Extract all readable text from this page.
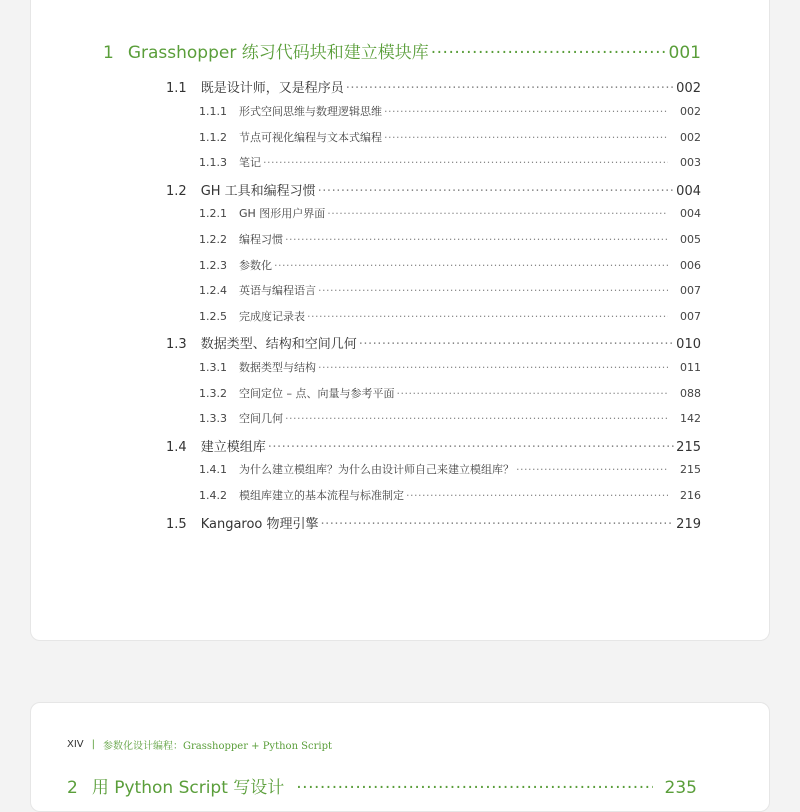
1 Grasshopper 练习代码块和建立模块库 ·····	001
1.1 既是设计师，又是程序员 ·····	002
1.1.1 形式空间思维与数理逻辑思维 ·····	002
1.1.2 节点可视化编程与文本式编程 ·····	002
1.1.3 笔记 ·····	003
1.2 GH 工具和编程习惯 ·····	004
1.2.1 GH 图形用户界面 ·····	004
1.2.2 编程习惯 ·····	005
1.2.3 参数化 ·····	006
1.2.4 英语与编程语言 ·····	007
1.2.5 完成度记录表 ·····	007
1.3 数据类型、结构和空间几何 ·····	010
1.3.1 数据类型与结构 ·····	011
1.3.2 空间定位 – 点、向量与参考平面 ·····	088
1.3.3 空间几何 ·····	142
1.4 建立模组库 ·····	215
1.4.1 为什么建立模组库？为什么由设计师自己来建立模组库？ ·····	215
1.4.2 模组库建立的基本流程与标准制定 ·····	216
1.5 Kangaroo 物理引擎 ·····	219
XIV | 参数化设计编程：Grasshopper + Python Script
2 用 Python Script 写设计 ·····	235
